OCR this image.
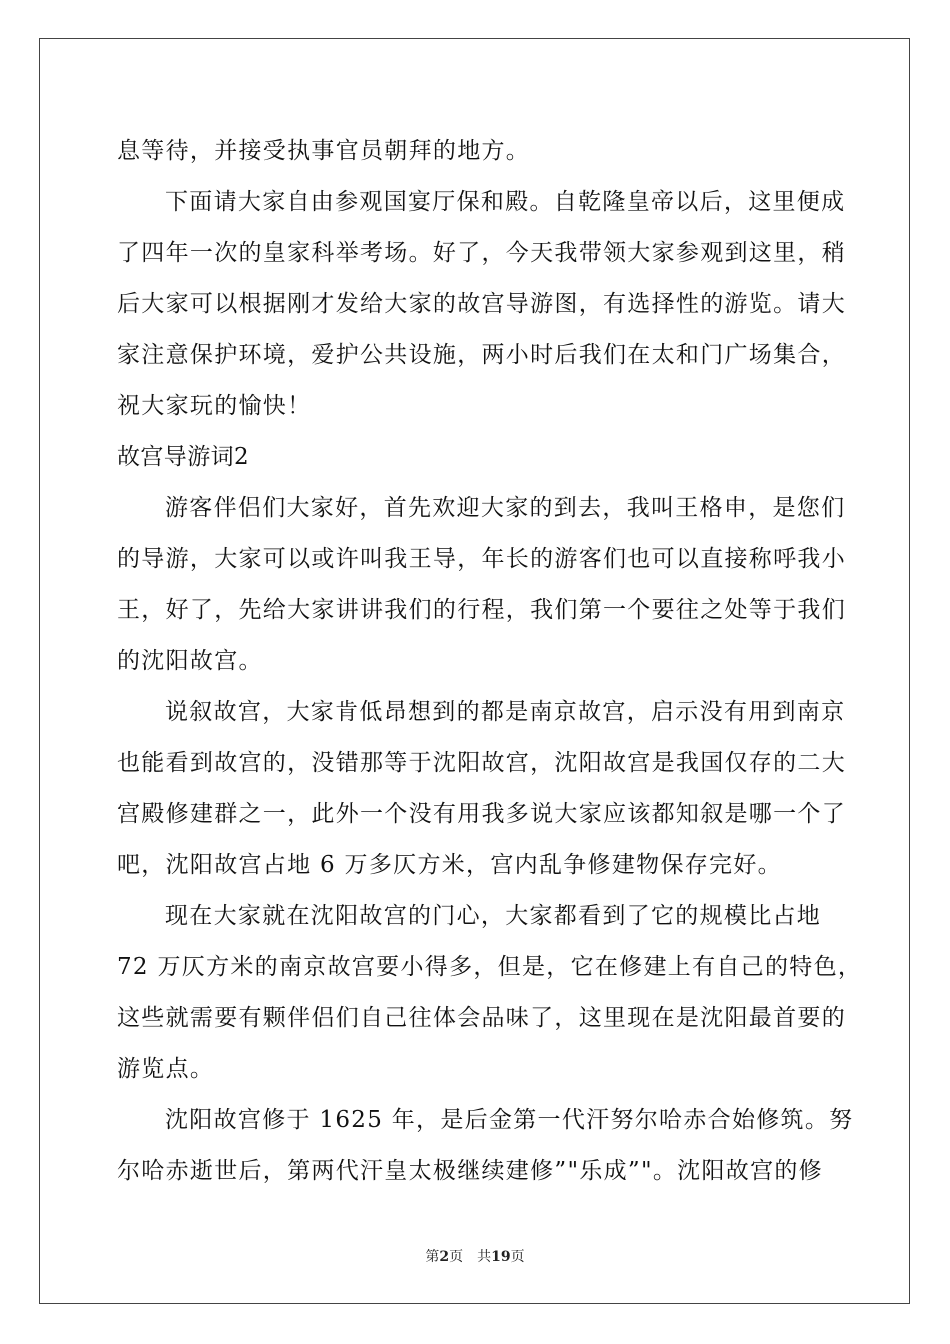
息等待，并接受执事官员朝拜的地方。
下面请大家自由参观国宴厅保和殿。自乾隆皇帝以后，这里便成
了四年一次的皇家科举考场。好了，今天我带领大家参观到这里，稍
后大家可以根据刚才发给大家的故宫导游图，有选择性的游览。请大
家注意保护环境，爱护公共设施，两小时后我们在太和门广场集合，
祝大家玩的愉快！
故宫导游词2
游客伴侣们大家好，首先欢迎大家的到去，我叫王格申，是您们
的导游，大家可以或许叫我王导，年长的游客们也可以直接称呼我小
王，好了，先给大家讲讲我们的行程，我们第一个要往之处等于我们
的沈阳故宫。
说叙故宫，大家肯低昂想到的都是南京故宫，启示没有用到南京
也能看到故宫的，没错那等于沈阳故宫，沈阳故宫是我国仅存的二大
宫殿修建群之一，此外一个没有用我多说大家应该都知叙是哪一个了
吧，沈阳故宫占地 6 万多仄方米，宫内乱争修建物保存完好。
现在大家就在沈阳故宫的门心，大家都看到了它的规模比占地
72 万仄方米的南京故宫要小得多，但是，它在修建上有自己的特色，
这些就需要有颗伴侣们自己往体会品味了，这里现在是沈阳最首要的
游览点。
沈阳故宫修于 1625 年，是后金第一代汗努尔哈赤合始修筑。努
尔哈赤逝世后，第两代汗皇太极继续建修”"乐成”"。沈阳故宫的修
第2页 共19页
